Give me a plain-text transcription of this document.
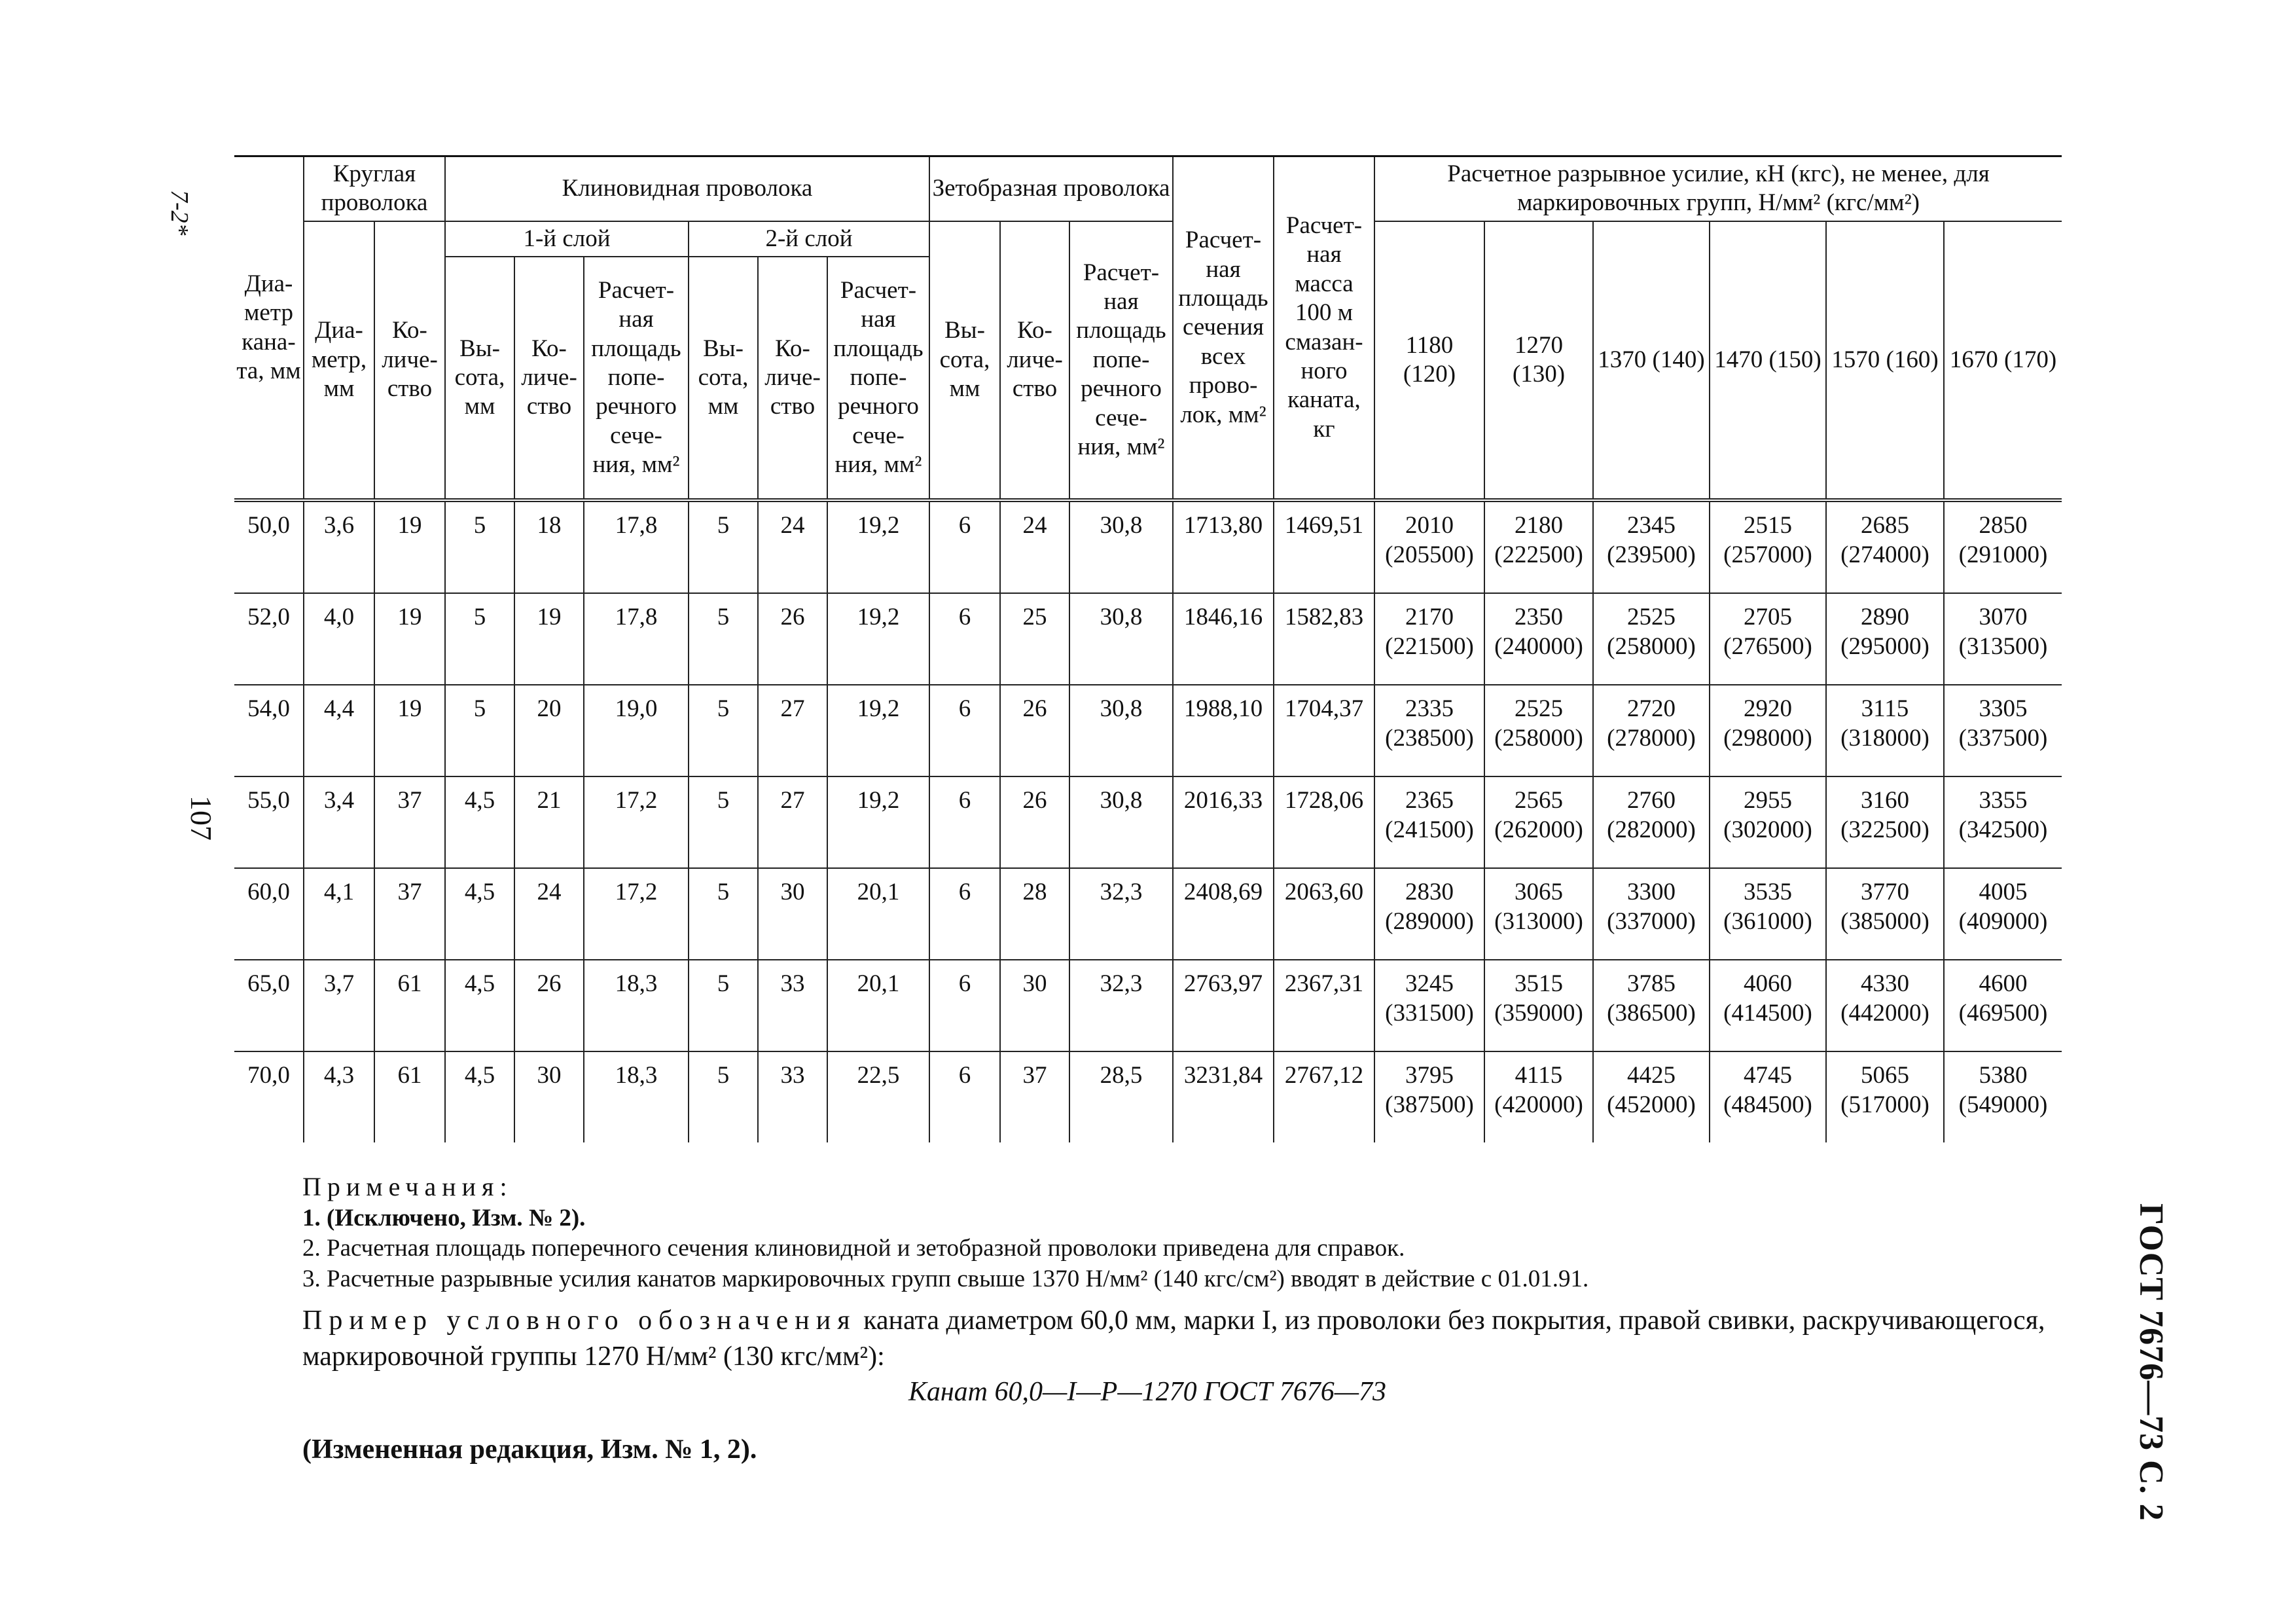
7-2*
107
ГОСТ 7676—73 С. 2
Диа- метр кана- та, мм	Круглая проволока		Клиновидная проволока						Зетобразная проволока			Расчет- ная площадь сечения всех прово- лок, мм²	Расчет- ная масса 100 м смазан- ного каната, кг	Расчетное разрывное усилие, кН (кгс), не менее, для маркировочных групп, Н/мм² (кгс/мм²)					
	Диа- метр, мм	Ко- личе- ство	1-й слой			2-й слой			Вы- сота, мм	Ко- личе- ство	Расчет- ная площадь попе- речного сече- ния, мм²			1180 (120)	1270 (130)	1370 (140)	1470 (150)	1570 (160)	1670 (170)
			Вы- сота, мм	Ко- личе- ство	Расчет- ная площадь попе- речного сече- ния, мм²	Вы- сота, мм	Ко- личе- ство	Расчет- ная площадь попе- речного сече- ния, мм²											
50,0	3,6	19	5	18	17,8	5	24	19,2	6	24	30,8	1713,80	1469,51	2010 (205500)	2180 (222500)	2345 (239500)	2515 (257000)	2685 (274000)	2850 (291000)
52,0	4,0	19	5	19	17,8	5	26	19,2	6	25	30,8	1846,16	1582,83	2170 (221500)	2350 (240000)	2525 (258000)	2705 (276500)	2890 (295000)	3070 (313500)
54,0	4,4	19	5	20	19,0	5	27	19,2	6	26	30,8	1988,10	1704,37	2335 (238500)	2525 (258000)	2720 (278000)	2920 (298000)	3115 (318000)	3305 (337500)
55,0	3,4	37	4,5	21	17,2	5	27	19,2	6	26	30,8	2016,33	1728,06	2365 (241500)	2565 (262000)	2760 (282000)	2955 (302000)	3160 (322500)	3355 (342500)
60,0	4,1	37	4,5	24	17,2	5	30	20,1	6	28	32,3	2408,69	2063,60	2830 (289000)	3065 (313000)	3300 (337000)	3535 (361000)	3770 (385000)	4005 (409000)
65,0	3,7	61	4,5	26	18,3	5	33	20,1	6	30	32,3	2763,97	2367,31	3245 (331500)	3515 (359000)	3785 (386500)	4060 (414500)	4330 (442000)	4600 (469500)
70,0	4,3	61	4,5	30	18,3	5	33	22,5	6	37	28,5	3231,84	2767,12	3795 (387500)	4115 (420000)	4425 (452000)	4745 (484500)	5065 (517000)	5380 (549000)
Примечания:
1. (Исключено, Изм. № 2).
2. Расчетная площадь поперечного сечения клиновидной и зетобразной проволоки приведена для справок.
3. Расчетные разрывные усилия канатов маркировочных групп свыше 1370 Н/мм² (140 кгс/см²) вводят в действие с 01.01.91.
Пример условного обозначения каната диаметром 60,0 мм, марки I, из проволоки без покрытия, правой свивки, раскручивающегося, маркировочной группы 1270 Н/мм² (130 кгс/мм²):
Канат 60,0—I—Р—1270 ГОСТ 7676—73
(Измененная редакция, Изм. № 1, 2).
